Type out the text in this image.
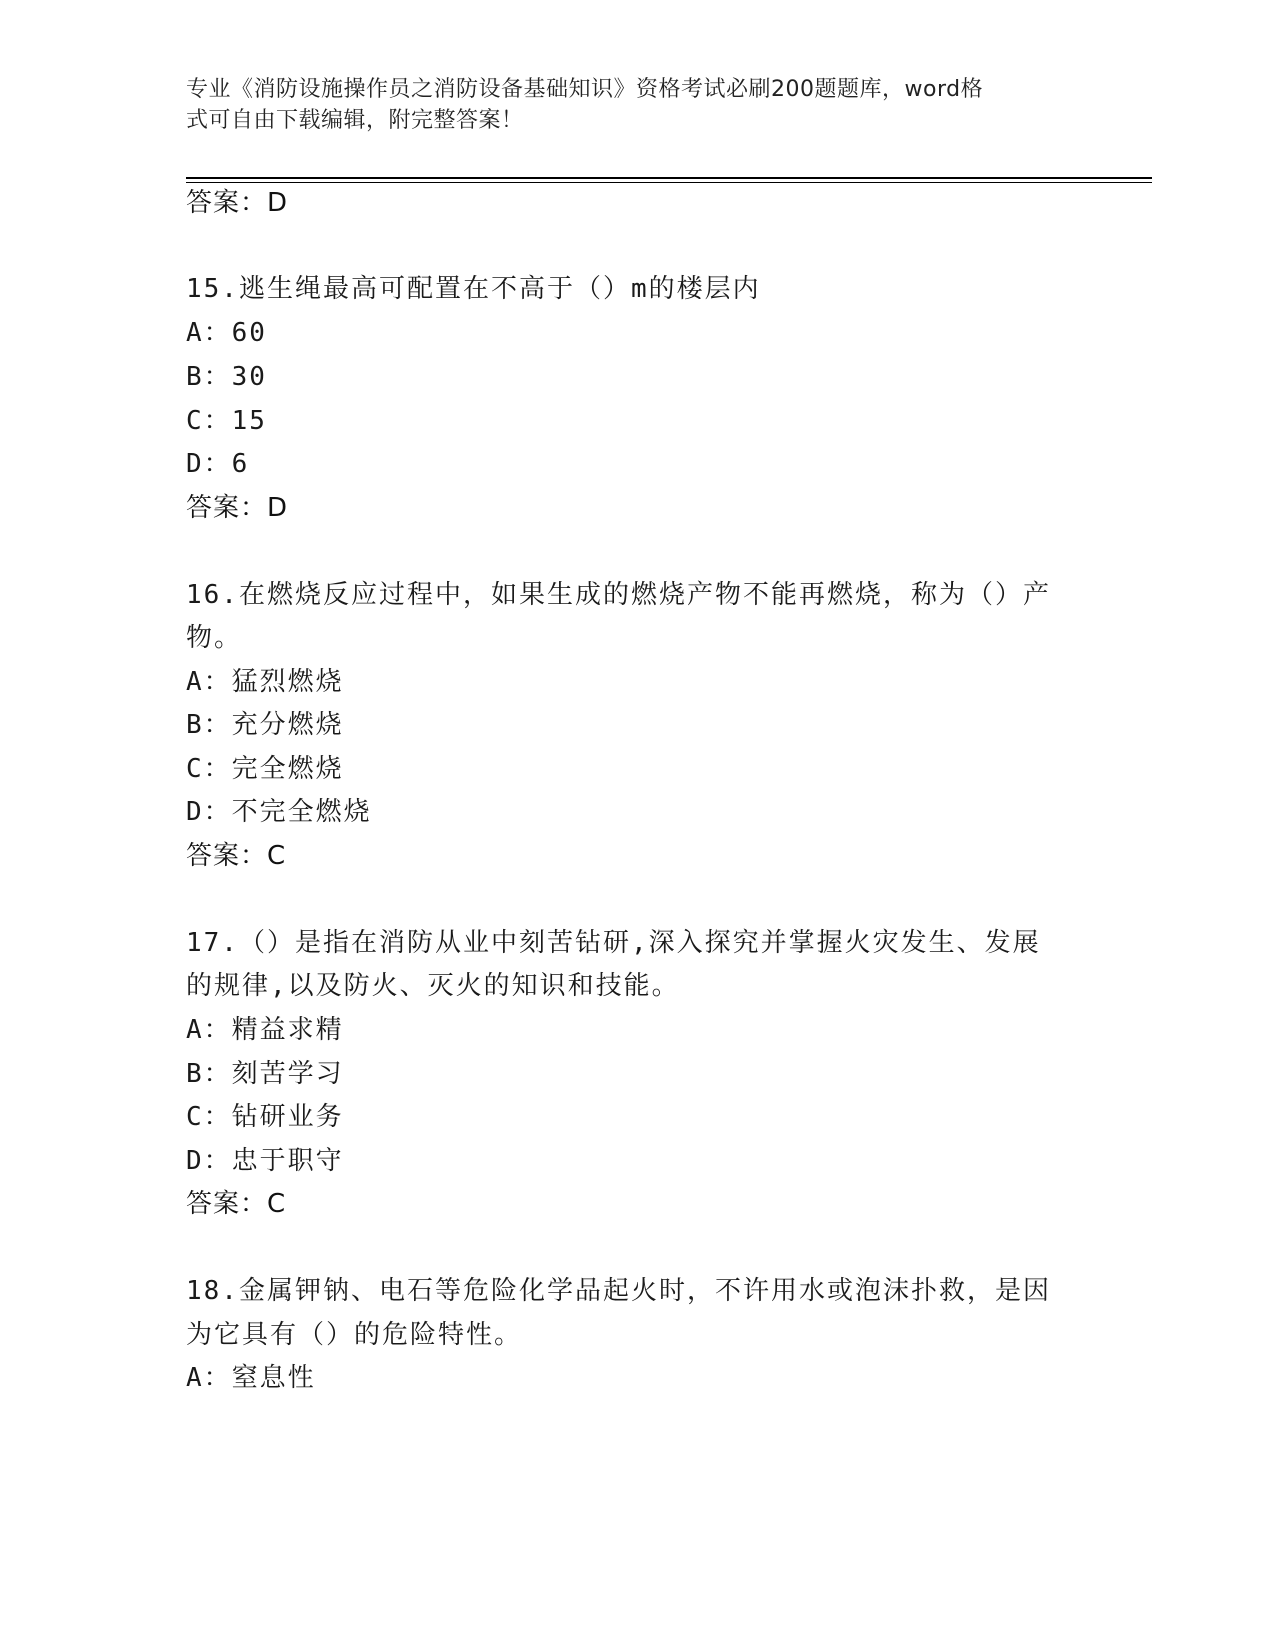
专业《消防设施操作员之消防设备基础知识》资格考试必刷200题题库，word格
式可自由下载编辑，附完整答案！
答案：D
15.逃生绳最高可配置在不高于（）m的楼层内
A：60
B：30
C：15
D：6
答案：D
16.在燃烧反应过程中，如果生成的燃烧产物不能再燃烧，称为（）产
物。
A：猛烈燃烧
B：充分燃烧
C：完全燃烧
D：不完全燃烧
答案：C
17.（）是指在消防从业中刻苦钻研,深入探究并掌握火灾发生、发展
的规律,以及防火、灭火的知识和技能。
A：精益求精
B：刻苦学习
C：钻研业务
D：忠于职守
答案：C
18.金属钾钠、电石等危险化学品起火时，不许用水或泡沫扑救，是因
为它具有（）的危险特性。
A：窒息性
